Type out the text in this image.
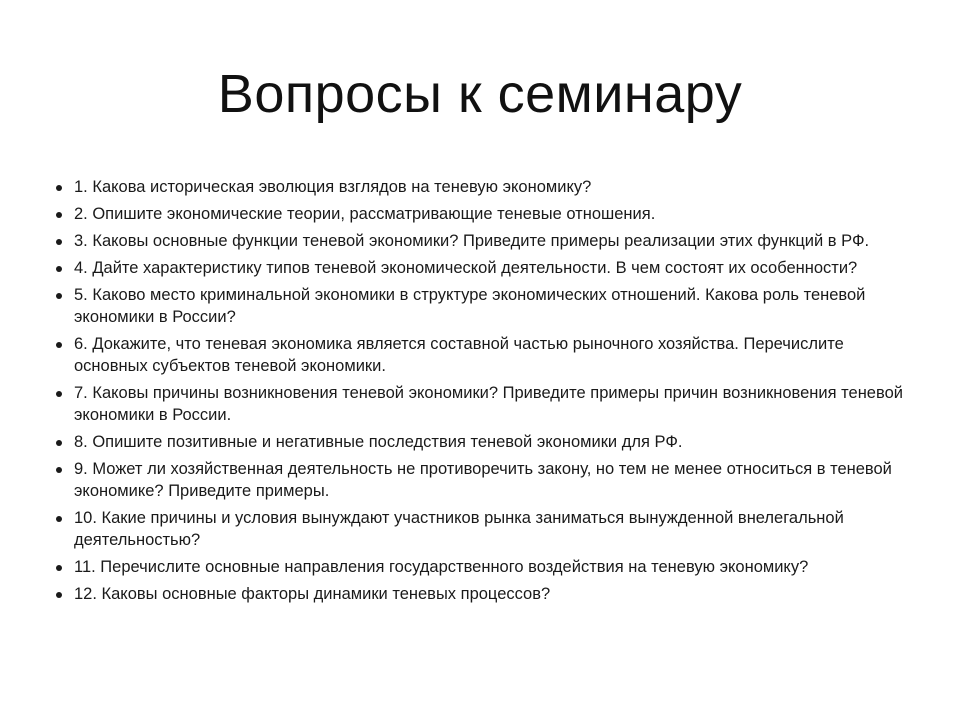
Вопросы к семинару
1. Какова историческая эволюция взглядов на теневую экономику?
2. Опишите экономические теории, рассматривающие теневые отношения.
3. Каковы основные функции теневой экономики? Приведите примеры реализации этих функций в РФ.
4. Дайте характеристику типов теневой экономической деятельности. В чем состоят их особенности?
5. Каково место криминальной экономики в структуре экономических отношений. Какова роль теневой экономики в России?
6. Докажите, что теневая экономика является составной частью рыночного хозяйства. Перечислите основных субъектов теневой экономики.
7. Каковы причины возникновения теневой экономики? Приведите примеры причин возникновения теневой экономики в России.
8. Опишите позитивные и негативные последствия теневой экономики для РФ.
9. Может ли хозяйственная деятельность не противоречить закону, но тем не менее относиться в теневой экономике? Приведите примеры.
10. Какие причины и условия вынуждают участников рынка заниматься вынужденной внелегальной деятельностью?
11. Перечислите основные направления государственного воздействия на теневую экономику?
12. Каковы основные факторы динамики теневых процессов?
